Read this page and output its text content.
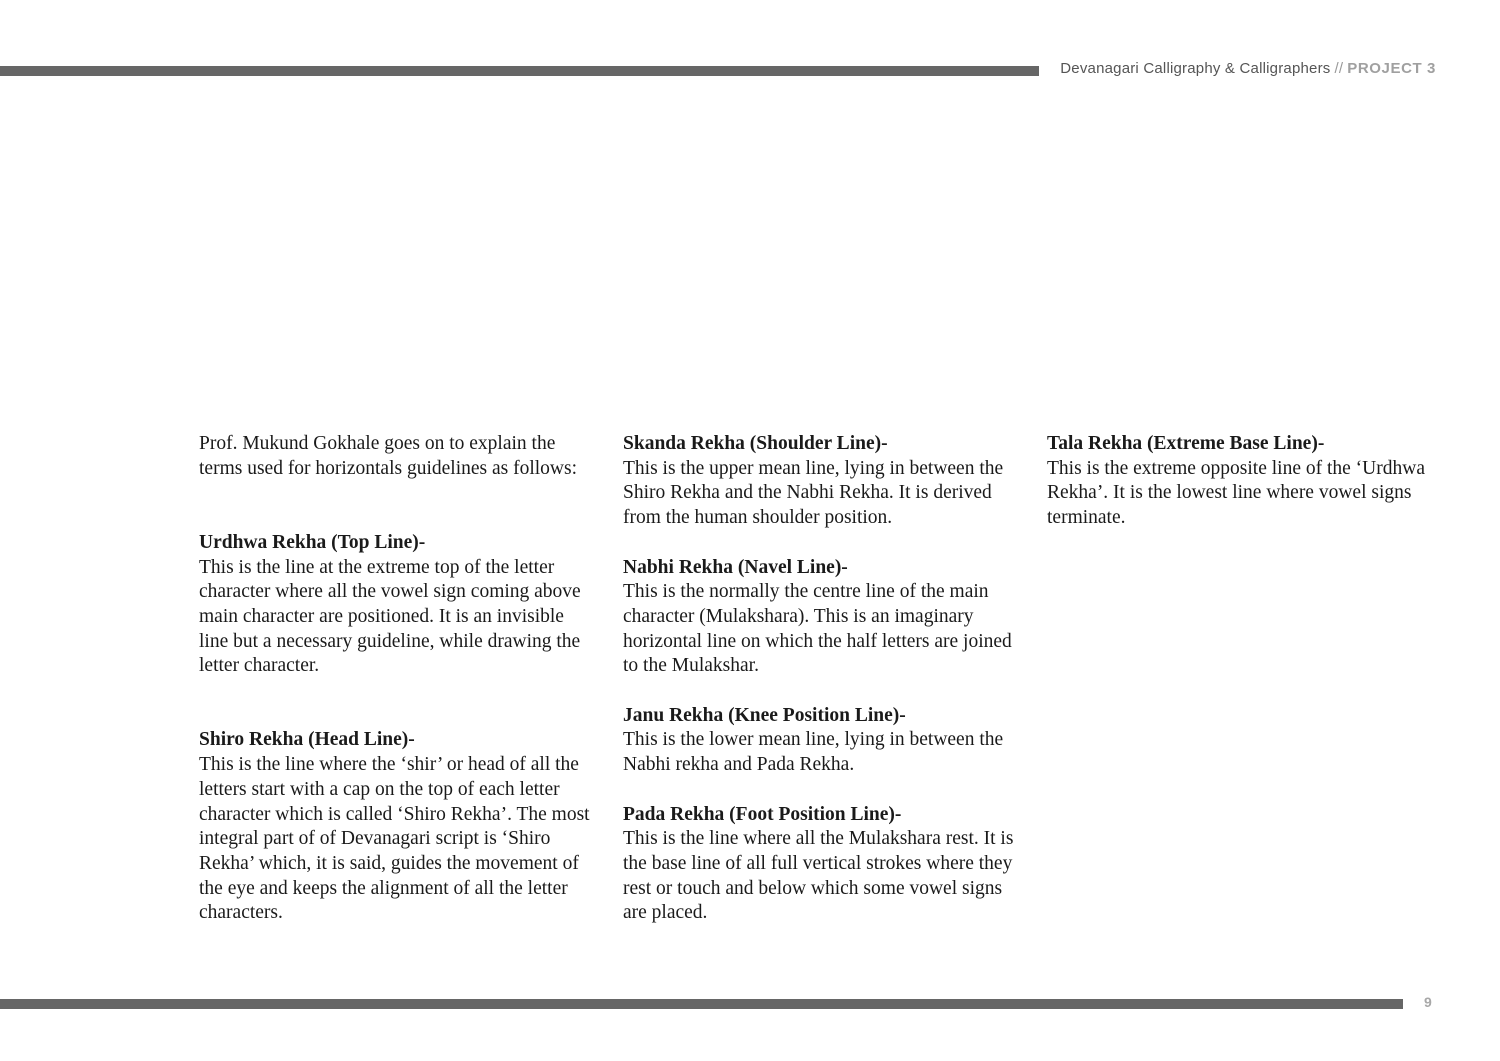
Devanagari Calligraphy & Calligraphers // PROJECT 3

Prof. Mukund Gokhale goes on to explain the terms used for horizontals guidelines as follows:

Urdhwa Rekha (Top Line)-

This is the line at the extreme top of the letter character where all the vowel sign coming above main character are positioned. It is an invisible line but a necessary guideline, while drawing the letter character.

Shiro Rekha (Head Line)-

This is the line where the ‘shir’ or head of all the letters start with a cap on the top of each letter character which is called ‘Shiro Rekha’. The most integral part of of Devanagari script is ‘Shiro Rekha’ which, it is said, guides the movement of the eye and keeps the alignment of all the letter characters.

Skanda Rekha (Shoulder Line)-

This is the upper mean line, lying in between the Shiro Rekha and the Nabhi Rekha. It is derived from the human shoulder position.

Nabhi Rekha (Navel Line)-

This is the normally the centre line of the main character (Mulakshara). This is an imaginary horizontal line on which the half letters are joined to the Mulakshar.

Janu Rekha (Knee Position Line)-

This is the lower mean line, lying in between the Nabhi rekha and Pada Rekha.

Pada Rekha (Foot Position Line)-

This is the line where all the Mulakshara rest. It is the base line of all full vertical strokes where they rest or touch and below which some vowel signs are placed.

Tala Rekha (Extreme Base Line)-

This is the extreme opposite line of the ‘Urdhwa Rekha’. It is the lowest line where vowel signs terminate.

9
